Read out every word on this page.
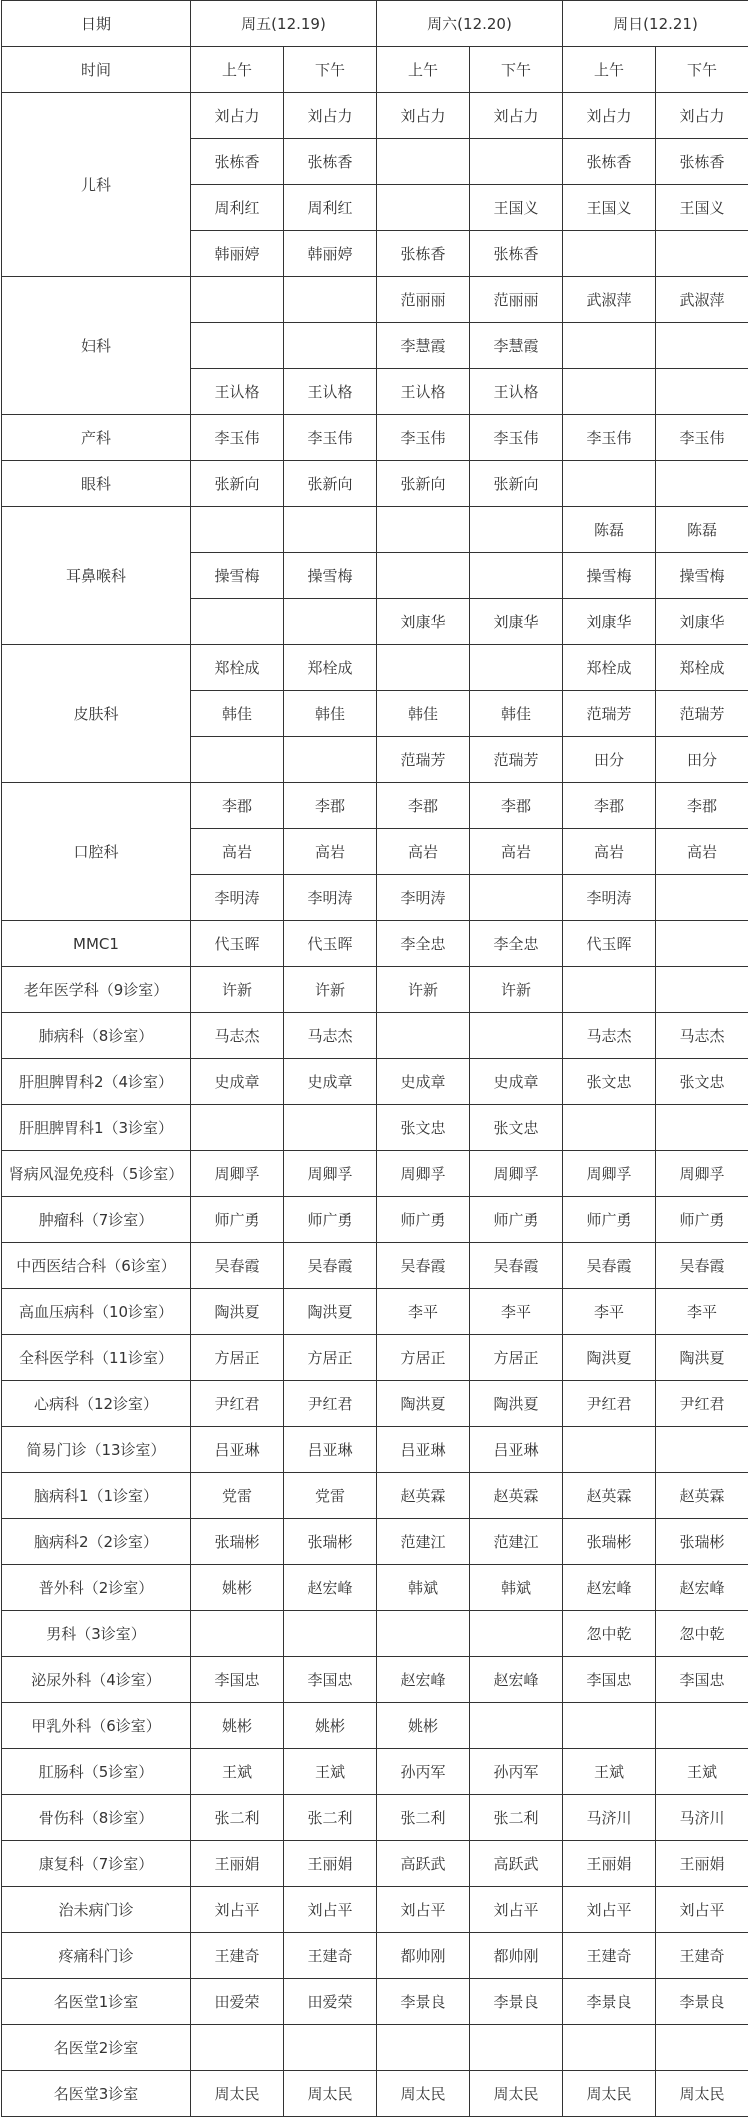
日期	周五(12.19)		周六(12.20)		周日(12.21)	
时间	上午	下午	上午	下午	上午	下午
儿科	刘占力	刘占力	刘占力	刘占力	刘占力	刘占力
	张栋香	张栋香			张栋香	张栋香
	周利红	周利红		王国义	王国义	王国义
	韩丽婷	韩丽婷	张栋香	张栋香		
妇科			范丽丽	范丽丽	武淑萍	武淑萍
			李慧霞	李慧霞		
	王认格	王认格	王认格	王认格		
产科	李玉伟	李玉伟	李玉伟	李玉伟	李玉伟	李玉伟
眼科	张新向	张新向	张新向	张新向		
耳鼻喉科					陈磊	陈磊
	操雪梅	操雪梅			操雪梅	操雪梅
			刘康华	刘康华	刘康华	刘康华
皮肤科	郑栓成	郑栓成			郑栓成	郑栓成
	韩佳	韩佳	韩佳	韩佳	范瑞芳	范瑞芳
			范瑞芳	范瑞芳	田分	田分
口腔科	李郡	李郡	李郡	李郡	李郡	李郡
	高岩	高岩	高岩	高岩	高岩	高岩
	李明涛	李明涛	李明涛		李明涛	
MMC1	代玉晖	代玉晖	李全忠	李全忠	代玉晖	
老年医学科（9诊室）	许新	许新	许新	许新		
肺病科（8诊室）	马志杰	马志杰			马志杰	马志杰
肝胆脾胃科2（4诊室）	史成章	史成章	史成章	史成章	张文忠	张文忠
肝胆脾胃科1（3诊室）			张文忠	张文忠		
肾病风湿免疫科（5诊室）	周卿孚	周卿孚	周卿孚	周卿孚	周卿孚	周卿孚
肿瘤科（7诊室）	师广勇	师广勇	师广勇	师广勇	师广勇	师广勇
中西医结合科（6诊室）	吴春霞	吴春霞	吴春霞	吴春霞	吴春霞	吴春霞
高血压病科（10诊室）	陶洪夏	陶洪夏	李平	李平	李平	李平
全科医学科（11诊室）	方居正	方居正	方居正	方居正	陶洪夏	陶洪夏
心病科（12诊室）	尹红君	尹红君	陶洪夏	陶洪夏	尹红君	尹红君
简易门诊（13诊室）	吕亚琳	吕亚琳	吕亚琳	吕亚琳		
脑病科1（1诊室）	党雷	党雷	赵英霖	赵英霖	赵英霖	赵英霖
脑病科2（2诊室）	张瑞彬	张瑞彬	范建江	范建江	张瑞彬	张瑞彬
普外科（2诊室）	姚彬	赵宏峰	韩斌	韩斌	赵宏峰	赵宏峰
男科（3诊室）					忽中乾	忽中乾
泌尿外科（4诊室）	李国忠	李国忠	赵宏峰	赵宏峰	李国忠	李国忠
甲乳外科（6诊室）	姚彬	姚彬	姚彬			
肛肠科（5诊室）	王斌	王斌	孙丙军	孙丙军	王斌	王斌
骨伤科（8诊室）	张二利	张二利	张二利	张二利	马济川	马济川
康复科（7诊室）	王丽娟	王丽娟	高跃武	高跃武	王丽娟	王丽娟
治未病门诊	刘占平	刘占平	刘占平	刘占平	刘占平	刘占平
疼痛科门诊	王建奇	王建奇	都帅刚	都帅刚	王建奇	王建奇
名医堂1诊室	田爱荣	田爱荣	李景良	李景良	李景良	李景良
名医堂2诊室						
名医堂3诊室	周太民	周太民	周太民	周太民	周太民	周太民
